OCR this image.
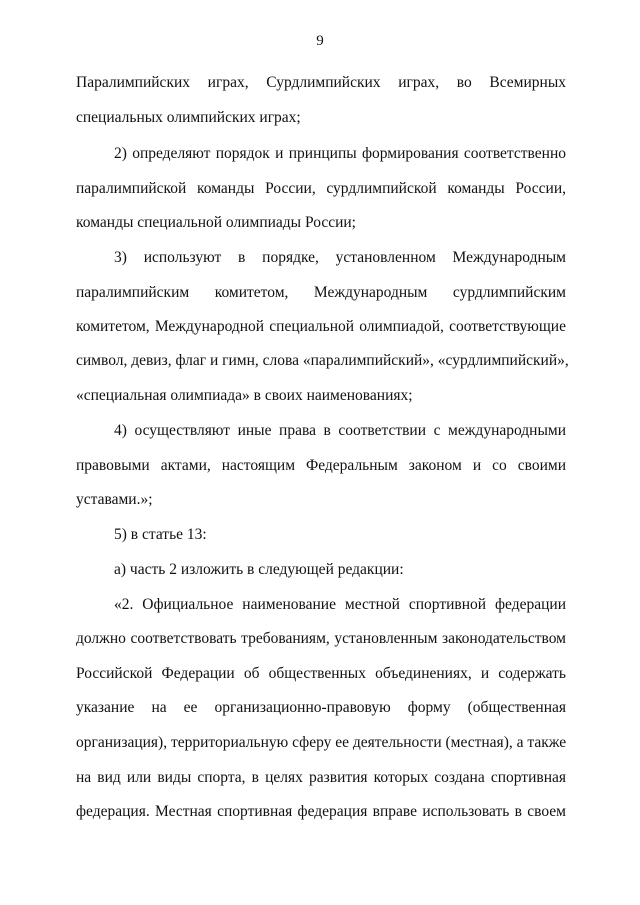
9
Паралимпийских играх, Сурдлимпийских играх, во Всемирных
специальных олимпийских играх;
2) определяют порядок и принципы формирования соответственно
паралимпийской команды России, сурдлимпийской команды России,
команды специальной олимпиады России;
3) используют в порядке, установленном Международным
паралимпийским комитетом, Международным сурдлимпийским
комитетом, Международной специальной олимпиадой, соответствующие
символ, девиз, флаг и гимн, слова «паралимпийский», «сурдлимпийский»,
«специальная олимпиада» в своих наименованиях;
4) осуществляют иные права в соответствии с международными
правовыми актами, настоящим Федеральным законом и со своими
уставами.»;
5) в статье 13:
а) часть 2 изложить в следующей редакции:
«2. Официальное наименование местной спортивной федерации
должно соответствовать требованиям, установленным законодательством
Российской Федерации об общественных объединениях, и содержать
указание на ее организационно-правовую форму (общественная
организация), территориальную сферу ее деятельности (местная), а также
на вид или виды спорта, в целях развития которых создана спортивная
федерация. Местная спортивная федерация вправе использовать в своем
